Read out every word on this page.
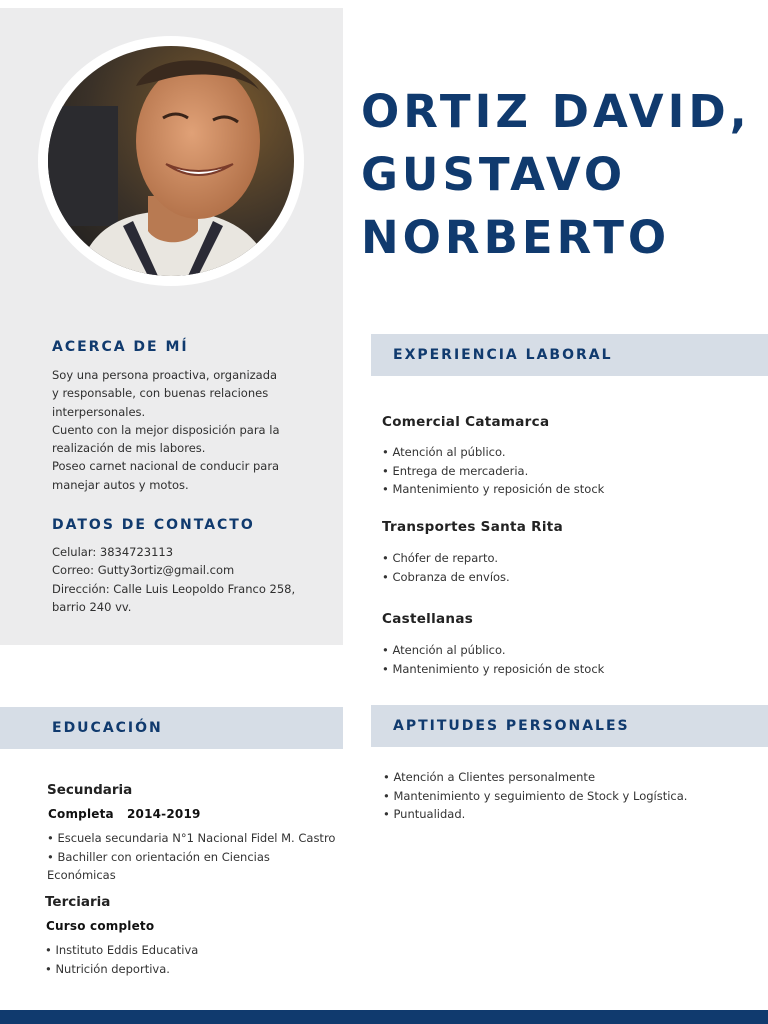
ORTIZ DAVID,
GUSTAVO
NORBERTO
ACERCA DE MÍ
Soy una persona proactiva, organizada
y responsable, con buenas relaciones
interpersonales.
Cuento con la mejor disposición para la
realización de mis labores.
Poseo carnet nacional de conducir para
manejar autos y motos.
DATOS DE CONTACTO
Celular: 3834723113
Correo: Gutty3ortiz@gmail.com
Dirección: Calle Luis Leopoldo Franco 258,
barrio 240 vv.
EXPERIENCIA LABORAL
Comercial Catamarca
• Atención al público.
• Entrega de mercaderia.
• Mantenimiento y reposición de stock
Transportes Santa Rita
• Chófer de reparto.
• Cobranza de envíos.
Castellanas
• Atención al público.
• Mantenimiento y reposición de stock
EDUCACIÓN	APTITUDES PERSONALES
Secundaria
Completa   2014-2019
• Escuela secundaria N°1 Nacional Fidel M. Castro
• Bachiller con orientación en Ciencias
Económicas
Terciaria
Curso completo
• Instituto Eddis Educativa
• Nutrición deportiva.
• Atención a Clientes personalmente
• Mantenimiento y seguimiento de Stock y Logística.
• Puntualidad.
